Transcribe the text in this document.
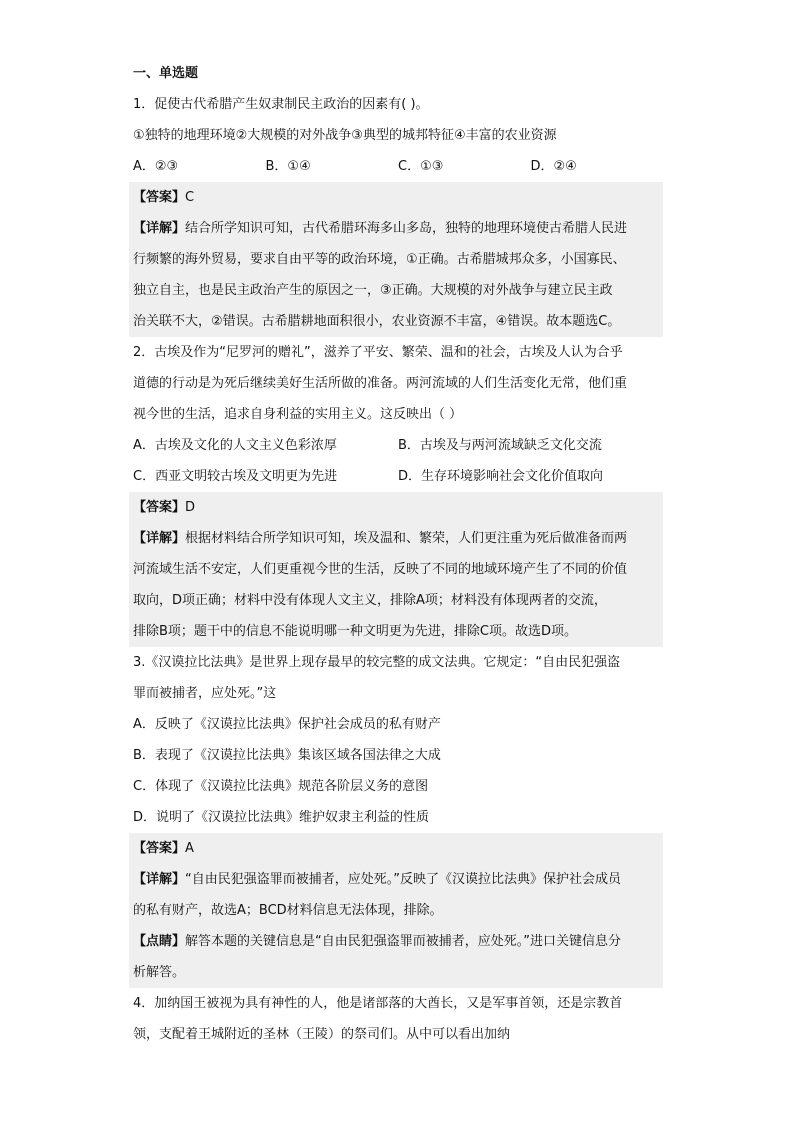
一、单选题
1．促使古代希腊产生奴隶制民主政治的因素有( )。
①独特的地理环境②大规模的对外战争③典型的城邦特征④丰富的农业资源
A．②③	B．①④	C．①③	D．②④
【答案】C
【详解】结合所学知识可知，古代希腊环海多山多岛，独特的地理环境使古希腊人民进
行频繁的海外贸易，要求自由平等的政治环境，①正确。古希腊城邦众多，小国寡民、
独立自主，也是民主政治产生的原因之一，③正确。大规模的对外战争与建立民主政
治关联不大，②错误。古希腊耕地面积很小，农业资源不丰富，④错误。故本题选C。
2．古埃及作为“尼罗河的赠礼”，滋养了平安、繁荣、温和的社会，古埃及人认为合乎
道德的行动是为死后继续美好生活所做的准备。两河流域的人们生活变化无常，他们重
视今世的生活，追求自身利益的实用主义。这反映出（ ）
A．古埃及文化的人文主义色彩浓厚	B．古埃及与两河流域缺乏文化交流
C．西亚文明较古埃及文明更为先进	D．生存环境影响社会文化价值取向
【答案】D
【详解】根据材料结合所学知识可知，埃及温和、繁荣，人们更注重为死后做准备而两
河流域生活不安定，人们更重视今世的生活，反映了不同的地域环境产生了不同的价值
取向，D项正确；材料中没有体现人文主义，排除A项；材料没有体现两者的交流，
排除B项；题干中的信息不能说明哪一种文明更为先进，排除C项。故选D项。
3.《汉谟拉比法典》是世界上现存最早的较完整的成文法典。它规定：“自由民犯强盗
罪而被捕者，应处死。”这
A．反映了《汉谟拉比法典》保护社会成员的私有财产
B．表现了《汉谟拉比法典》集该区域各国法律之大成
C．体现了《汉谟拉比法典》规范各阶层义务的意图
D．说明了《汉谟拉比法典》维护奴隶主利益的性质
【答案】A
【详解】“自由民犯强盗罪而被捕者，应处死。”反映了《汉谟拉比法典》保护社会成员
的私有财产，故选A；BCD材料信息无法体现，排除。
【点睛】解答本题的关键信息是“自由民犯强盗罪而被捕者，应处死。”进口关键信息分
析解答。
4．加纳国王被视为具有神性的人，他是诸部落的大酋长，又是军事首领，还是宗教首
领，支配着王城附近的圣林（王陵）的祭司们。从中可以看出加纳
